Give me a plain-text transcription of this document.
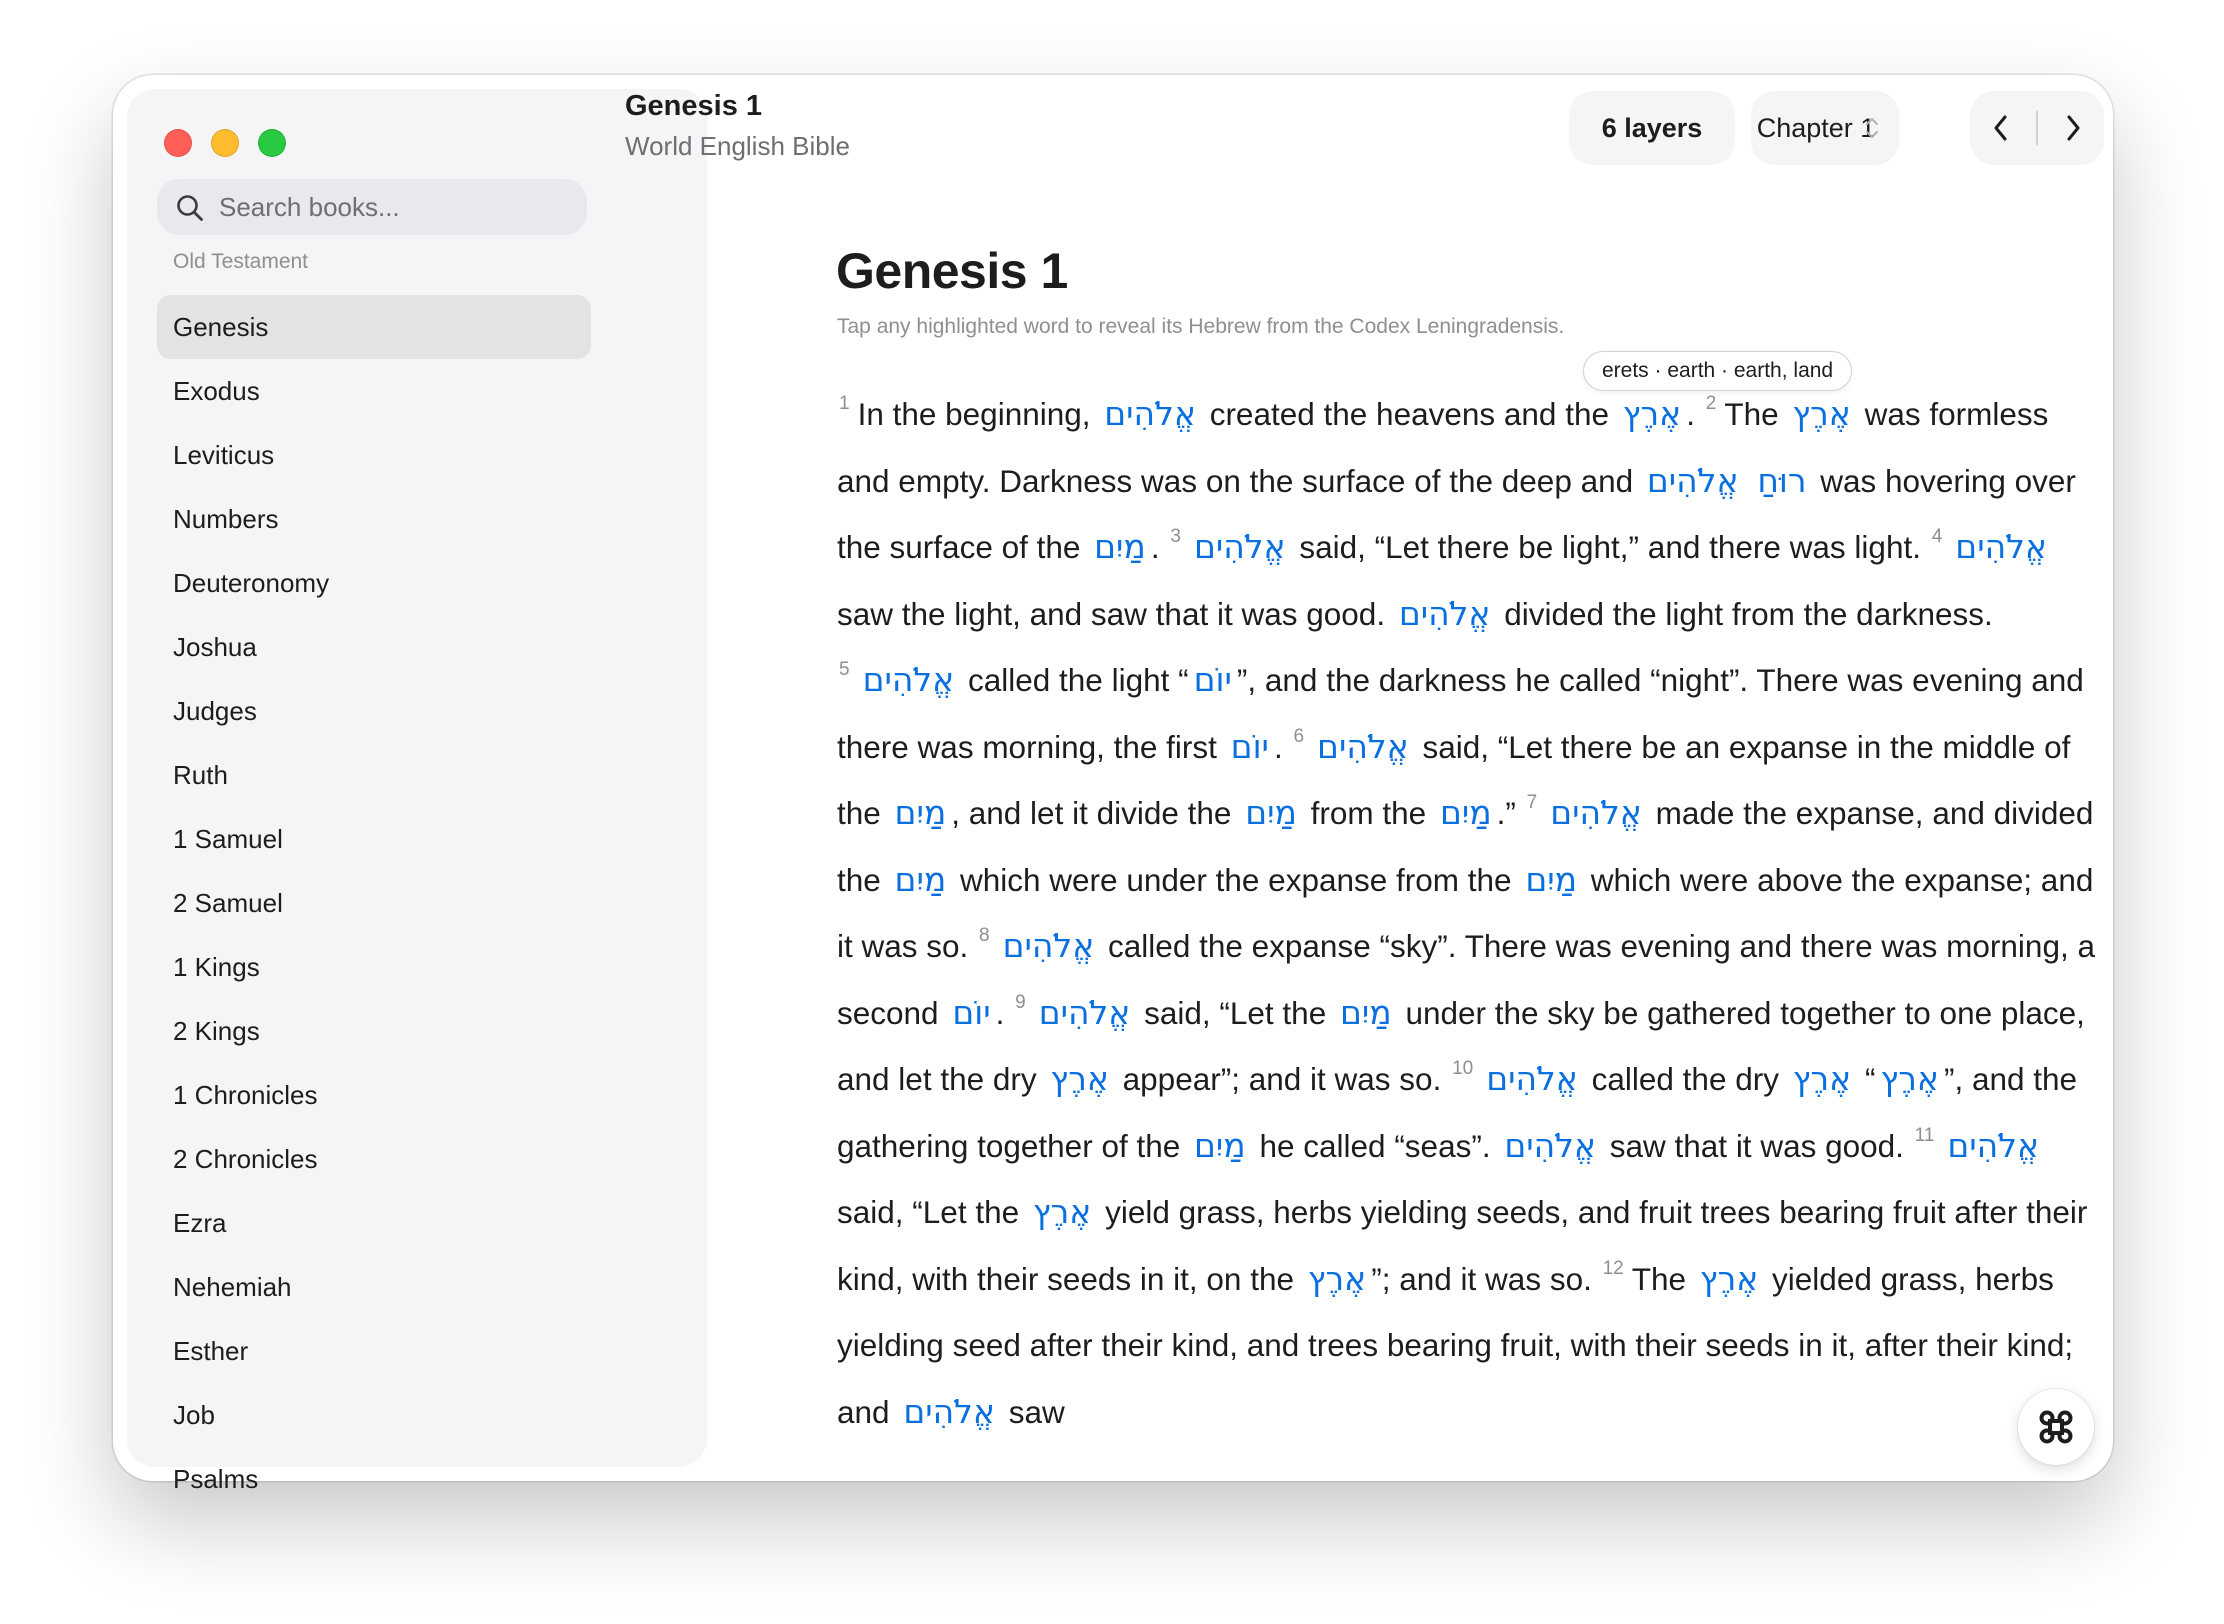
Search books...
Old Testament
Genesis
Exodus
Leviticus
Numbers
Deuteronomy
Joshua
Judges
Ruth
1 Samuel
2 Samuel
1 Kings
2 Kings
1 Chronicles
2 Chronicles
Ezra
Nehemiah
Esther
Job
Psalms
Genesis 1
World English Bible
6 layers Chapter 1
Genesis 1
Tap any highlighted word to reveal its Hebrew from the Codex Leningradensis.
erets · earth · earth, land
$^1$ In the beginning, אֱלֹהִים created the heavens and the אֶרֶץ . $^2$ The אֶרֶץ was formless and empty. Darkness was on the surface of the deep and אֱלֹהִים רוּחַ was hovering over the surface of the מַיִם . $^3$ אֱלֹהִים said, “Let there be light,” and there was light. $^4$ אֱלֹהִים saw the light, and saw that it was good. אֱלֹהִים divided the light from the darkness. $^5$ אֱלֹהִים called the light “ יוֹם ”, and the darkness he called “night”. There was evening and there was morning, the first יוֹם . $^6$ אֱלֹהִים said, “Let there be an expanse in the middle of the מַיִם , and let it divide the מַיִם from the מַיִם .” $^7$ אֱלֹהִים made the expanse, and divided the מַיִם which were under the expanse from the מַיִם which were above the expanse; and it was so. $^8$ אֱלֹהִים called the expanse “sky”. There was evening and there was morning, a second יוֹם . $^9$ אֱלֹהִים said, “Let the מַיִם under the sky be gathered together to one place, and let the dry אֶרֶץ appear”; and it was so. $^{10}$ אֱלֹהִים called the dry אֶרֶץ “ אֶרֶץ ”, and the gathering together of the מַיִם he called “seas”. אֱלֹהִים saw that it was good. $^{11}$ אֱלֹהִים said, “Let the אֶרֶץ yield grass, herbs yielding seeds, and fruit trees bearing fruit after their kind, with their seeds in it, on the אֶרֶץ ”; and it was so. $^{12}$ The אֶרֶץ yielded grass, herbs yielding seed after their kind, and trees bearing fruit, with their seeds in it, after their kind; and אֱלֹהִים saw
